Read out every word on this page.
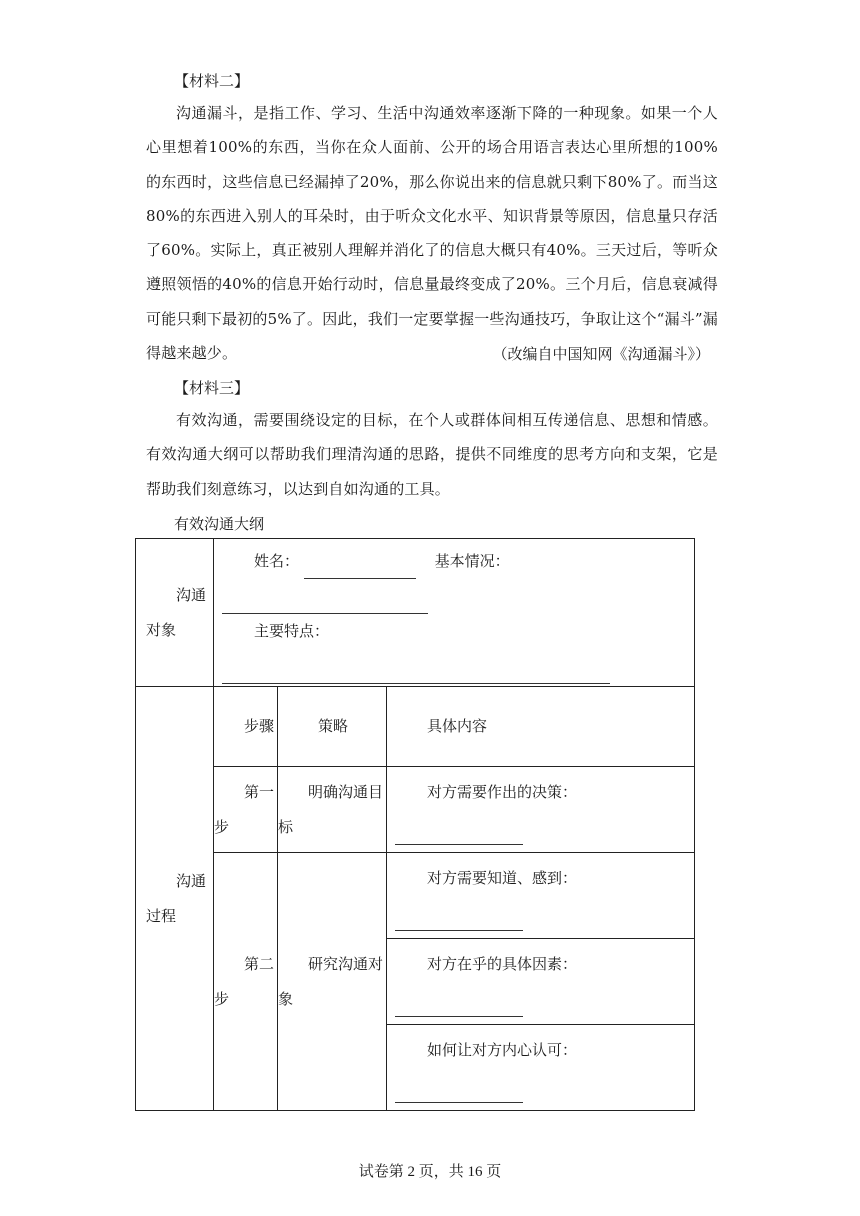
【材料二】

沟通漏斗，是指工作、学习、生活中沟通效率逐渐下降的一种现象。如果一个人心里想着100%的东西，当你在众人面前、公开的场合用语言表达心里所想的100%的东西时，这些信息已经漏掉了20%，那么你说出来的信息就只剩下80%了。而当这80%的东西进入别人的耳朵时，由于听众文化水平、知识背景等原因，信息量只存活了60%。实际上，真正被别人理解并消化了的信息大概只有40%。三天过后，等听众遵照领悟的40%的信息开始行动时，信息量最终变成了20%。三个月后，信息衰减得可能只剩下最初的5%了。因此，我们一定要掌握一些沟通技巧，争取让这个“漏斗”漏得越来越少。	（改编自中国知网《沟通漏斗》）
【材料三】

有效沟通，需要围绕设定的目标，在个人或群体间相互传递信息、思想和情感。有效沟通大纲可以帮助我们理清沟通的思路，提供不同维度的思考方向和支架，它是帮助我们刻意练习，以达到自如沟通的工具。

有效沟通大纲
沟通对象	姓名： 基本情况：
主要特点：		

沟通过程	步骤	策略	具体内容
	第一步	明确沟通目标	对方需要作出的决策：

	第二步	研究沟通对象	对方需要知道、感到：

			对方在乎的具体因素：

			如何让对方内心认可：
试卷第 2 页，共 16 页
